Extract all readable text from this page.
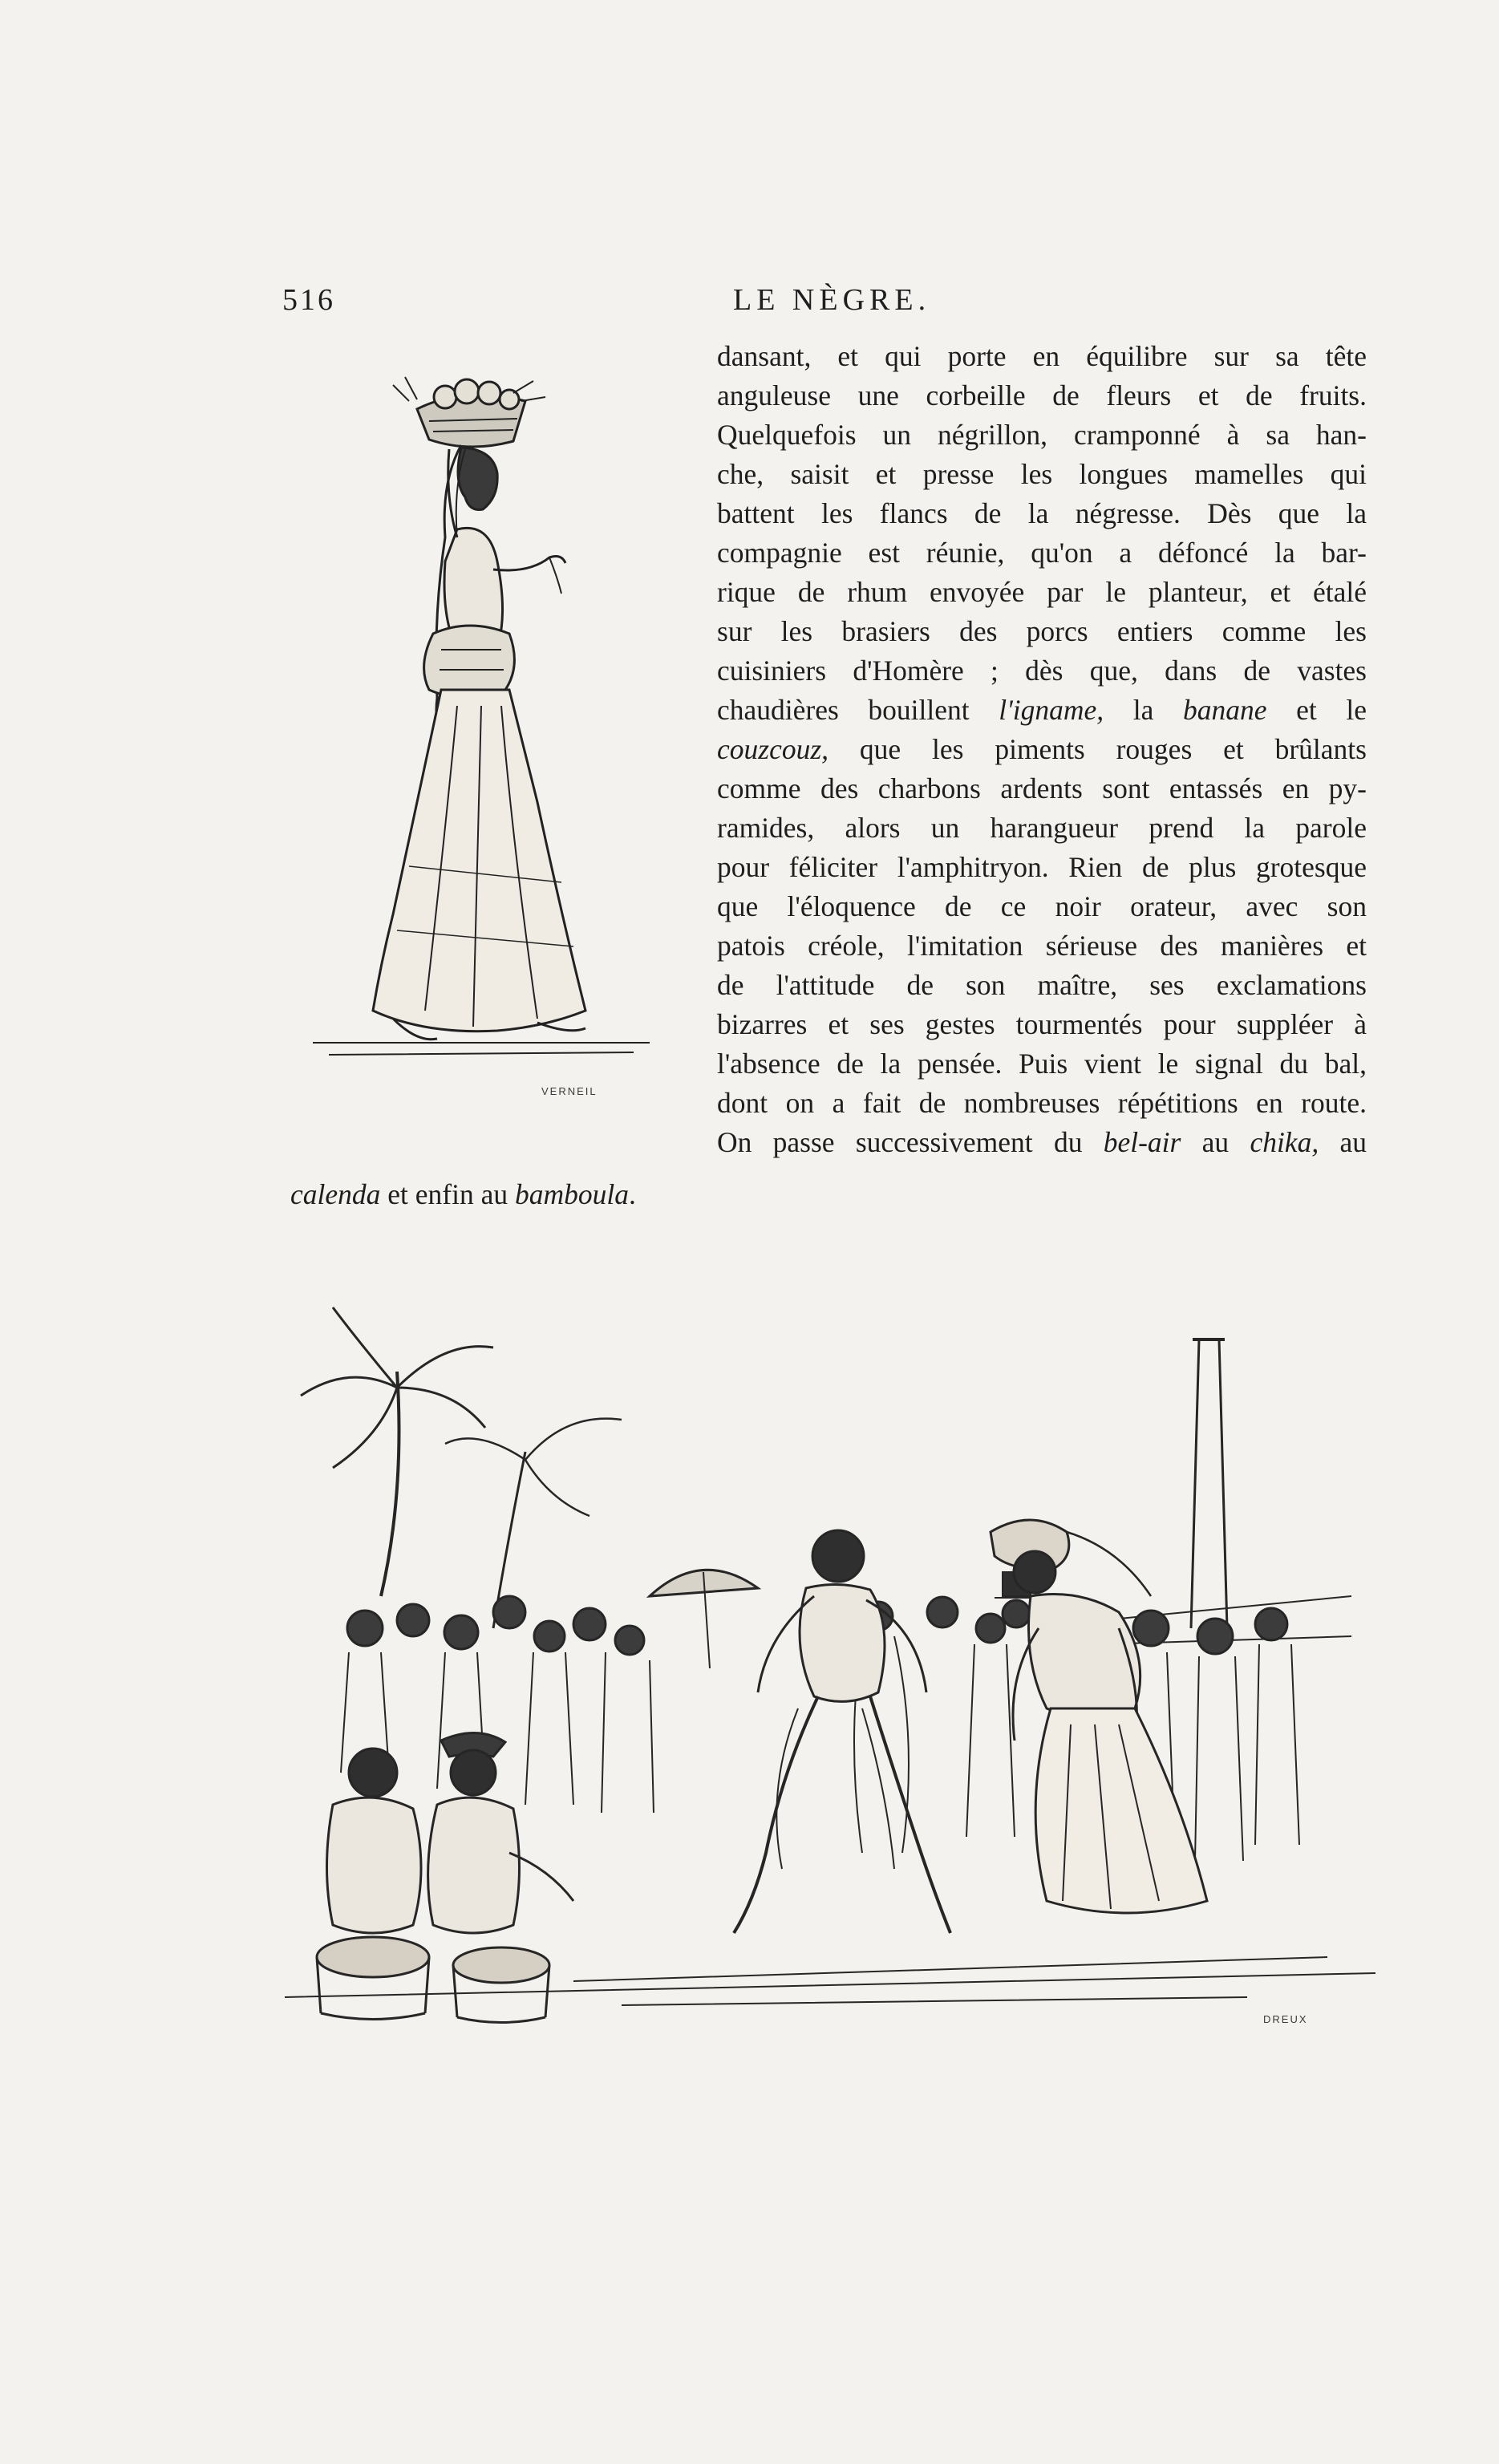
516	LE NÈGRE.
VERNEIL
dansant, et qui porte en équilibre sur sa tête
anguleuse une corbeille de fleurs et de fruits.
Quelquefois un négrillon, cramponné à sa han-
che, saisit et presse les longues mamelles qui
battent les flancs de la négresse. Dès que la
compagnie est réunie, qu'on a défoncé la bar-
rique de rhum envoyée par le planteur, et étalé
sur les brasiers des porcs entiers comme les
cuisiniers d'Homère ; dès que, dans de vastes
chaudières bouillent l'igname, la banane et le
couzcouz, que les piments rouges et brûlants
comme des charbons ardents sont entassés en py-
ramides, alors un harangueur prend la parole
pour féliciter l'amphitryon. Rien de plus grotesque
que l'éloquence de ce noir orateur, avec son
patois créole, l'imitation sérieuse des manières et
de l'attitude de son maître, ses exclamations
bizarres et ses gestes tourmentés pour suppléer à
l'absence de la pensée. Puis vient le signal du bal,
dont on a fait de nombreuses répétitions en route.
On passe successivement du bel-air au chika, au
calenda et enfin au bamboula.
DREUX
